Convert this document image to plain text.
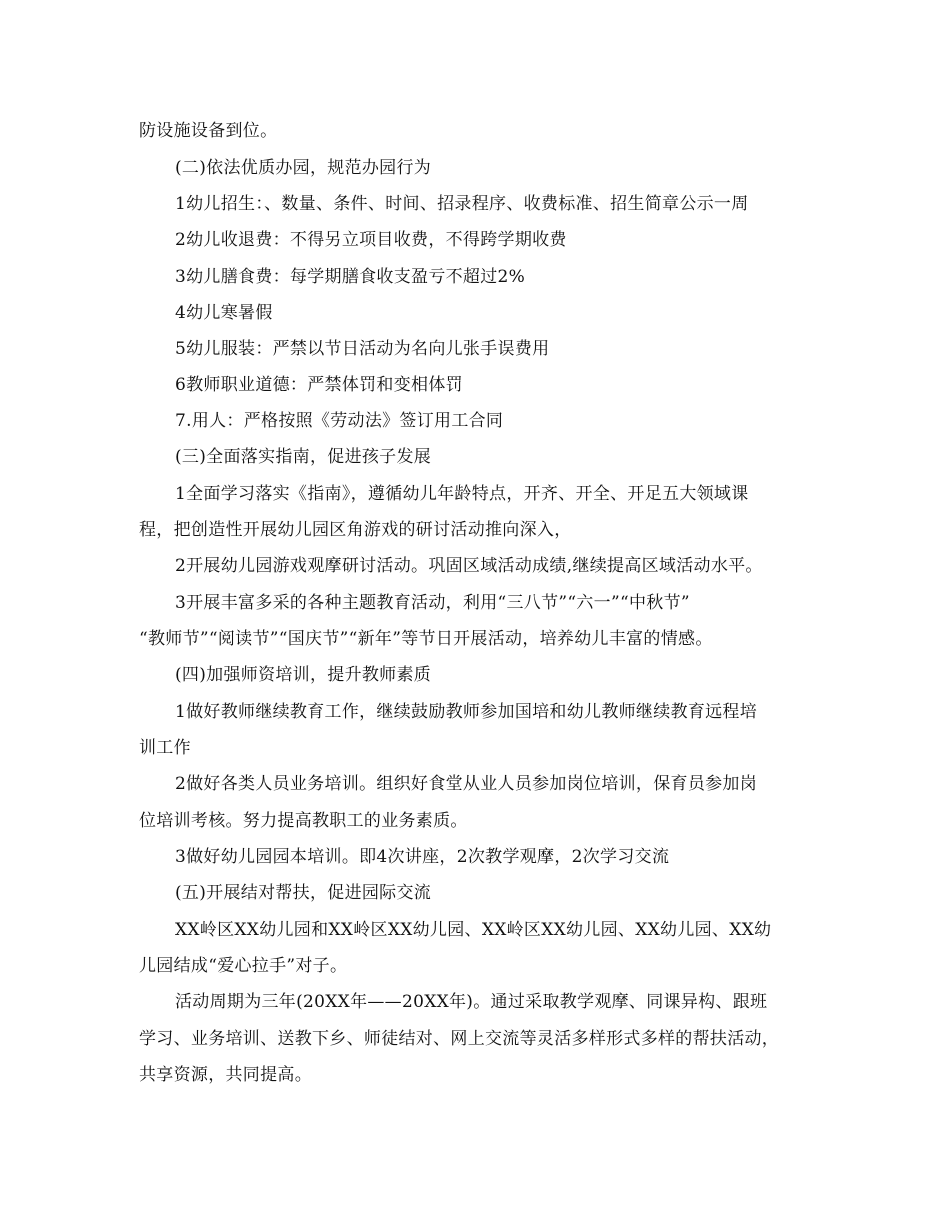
防设施设备到位。
(二)依法优质办园，规范办园行为
1幼儿招生：、数量、条件、时间、招录程序、收费标准、招生简章公示一周
2幼儿收退费：不得另立项目收费，不得跨学期收费
3幼儿膳食费：每学期膳食收支盈亏不超过2%
4幼儿寒暑假
5幼儿服装：严禁以节日活动为名向儿张手误费用
6教师职业道德：严禁体罚和变相体罚
7.用人：严格按照《劳动法》签订用工合同
(三)全面落实指南，促进孩子发展
1全面学习落实《指南》，遵循幼儿年龄特点，开齐、开全、开足五大领域课
程，把创造性开展幼儿园区角游戏的研讨活动推向深入，
2开展幼儿园游戏观摩研讨活动。巩固区域活动成绩,继续提高区域活动水平。
3开展丰富多采的各种主题教育活动，利用“三八节”“六一”“中秋节”
“教师节”“阅读节”“国庆节”“新年”等节日开展活动，培养幼儿丰富的情感。
(四)加强师资培训，提升教师素质
1做好教师继续教育工作，继续鼓励教师参加国培和幼儿教师继续教育远程培
训工作
2做好各类人员业务培训。组织好食堂从业人员参加岗位培训，保育员参加岗
位培训考核。努力提高教职工的业务素质。
3做好幼儿园园本培训。即4次讲座，2次教学观摩，2次学习交流
(五)开展结对帮扶，促进园际交流
XX岭区XX幼儿园和XX岭区XX幼儿园、XX岭区XX幼儿园、XX幼儿园、XX幼
儿园结成“爱心拉手”对子。
活动周期为三年(20XX年——20XX年)。通过采取教学观摩、同课异构、跟班
学习、业务培训、送教下乡、师徒结对、网上交流等灵活多样形式多样的帮扶活动，
共享资源，共同提高。
